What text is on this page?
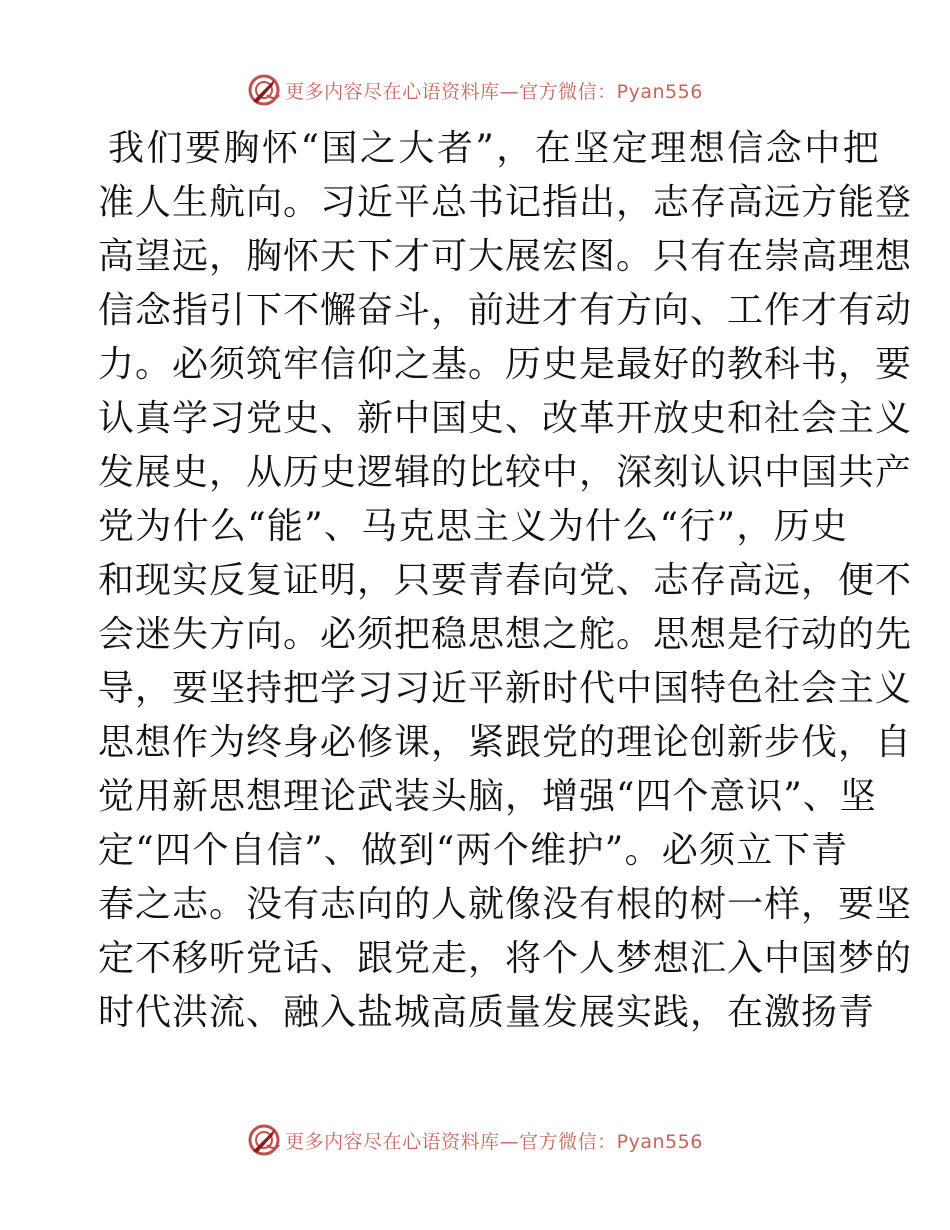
更多内容尽在心语资料库—官方微信：Pyan556
我们要胸怀“国之大者”，在坚定理想信念中把
准人生航向。习近平总书记指出，志存高远方能登
高望远，胸怀天下才可大展宏图。只有在崇高理想
信念指引下不懈奋斗，前进才有方向、工作才有动
力。必须筑牢信仰之基。历史是最好的教科书，要
认真学习党史、新中国史、改革开放史和社会主义
发展史，从历史逻辑的比较中，深刻认识中国共产
党为什么“能”、马克思主义为什么“行”，历史
和现实反复证明，只要青春向党、志存高远，便不
会迷失方向。必须把稳思想之舵。思想是行动的先
导，要坚持把学习习近平新时代中国特色社会主义
思想作为终身必修课，紧跟党的理论创新步伐，自
觉用新思想理论武装头脑，增强“四个意识”、坚
定“四个自信”、做到“两个维护”。必须立下青
春之志。没有志向的人就像没有根的树一样，要坚
定不移听党话、跟党走，将个人梦想汇入中国梦的
时代洪流、融入盐城高质量发展实践，在激扬青
更多内容尽在心语资料库—官方微信：Pyan556
